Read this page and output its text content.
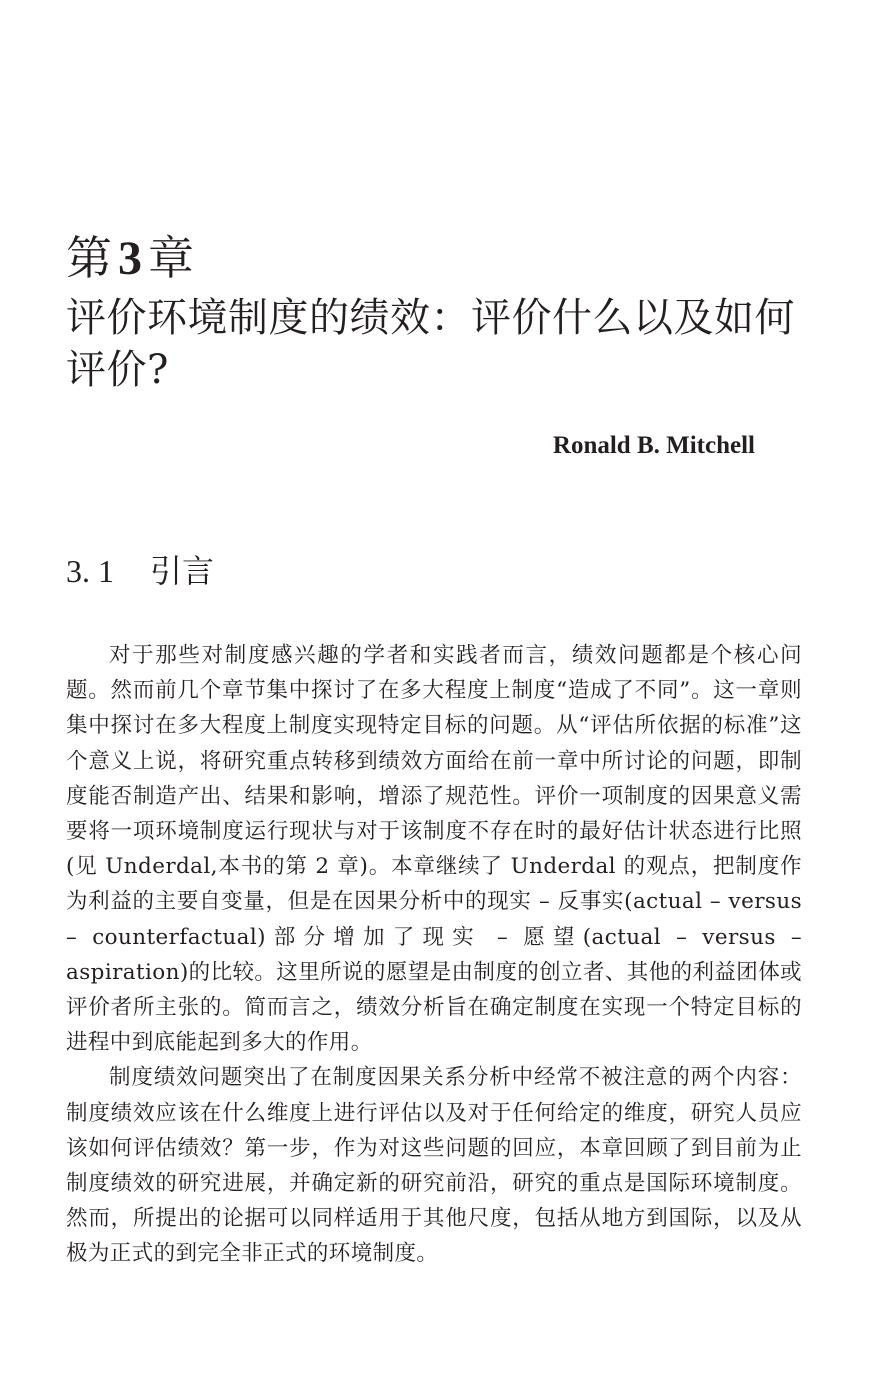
第 3 章
评价环境制度的绩效：评价什么以及如何评价?
Ronald B. Mitchell
3. 1 引言

对于那些对制度感兴趣的学者和实践者而言，绩效问题都是个核心问题。然而前几个章节集中探讨了在多大程度上制度“造成了不同”。这一章则集中探讨在多大程度上制度实现特定目标的问题。从“评估所依据的标准”这个意义上说，将研究重点转移到绩效方面给在前一章中所讨论的问题，即制度能否制造产出、结果和影响，增添了规范性。评价一项制度的因果意义需要将一项环境制度运行现状与对于该制度不存在时的最好估计状态进行比照(见 Underdal,本书的第 2 章)。本章继续了 Underdal 的观点，把制度作为利益的主要自变量，但是在因果分析中的现实 – 反事实(actual – versus – counterfactual)部分增加了现实 – 愿望(actual – versus – aspiration)的比较。这里所说的愿望是由制度的创立者、其他的利益团体或评价者所主张的。简而言之，绩效分析旨在确定制度在实现一个特定目标的进程中到底能起到多大的作用。

制度绩效问题突出了在制度因果关系分析中经常不被注意的两个内容：制度绩效应该在什么维度上进行评估以及对于任何给定的维度，研究人员应该如何评估绩效？第一步，作为对这些问题的回应，本章回顾了到目前为止制度绩效的研究进展，并确定新的研究前沿，研究的重点是国际环境制度。然而，所提出的论据可以同样适用于其他尺度，包括从地方到国际，以及从极为正式的到完全非正式的环境制度。
